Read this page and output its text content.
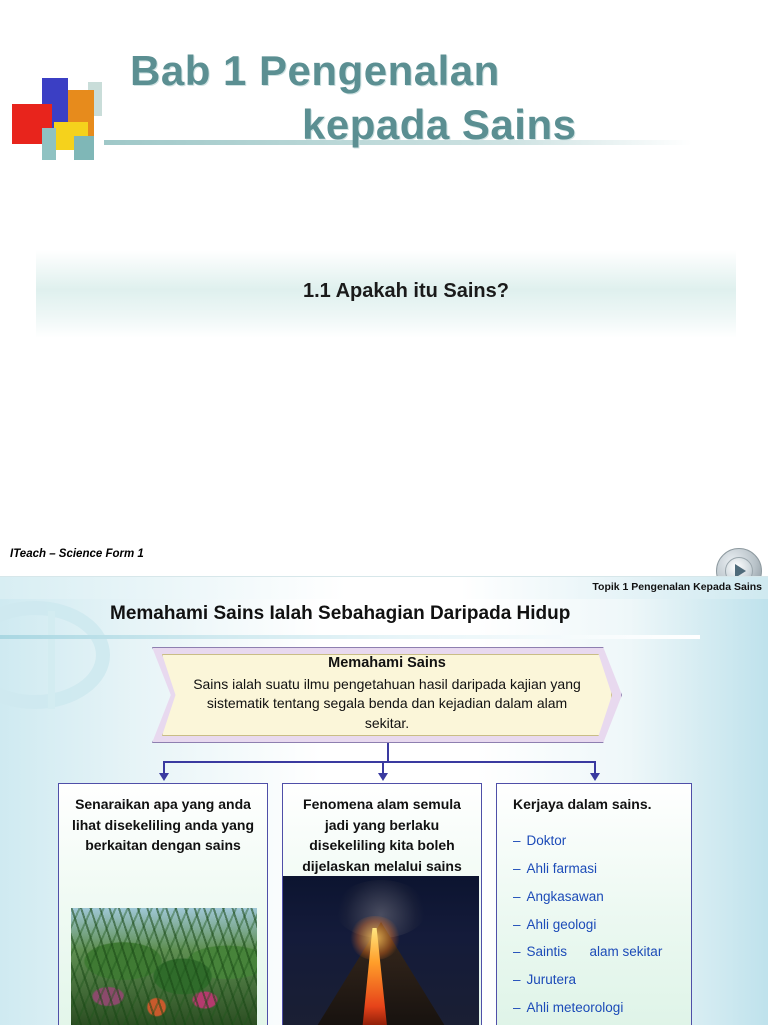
Bab 1 Pengenalan
kepada Sains
1.1 Apakah itu Sains?
ITeach – Science Form 1
Topik 1 Pengenalan Kepada Sains
Memahami Sains Ialah Sebahagian Daripada Hidup
Memahami Sains
Sains ialah suatu ilmu pengetahuan hasil daripada kajian yang sistematik tentang segala benda dan kejadian dalam alam sekitar.
Senaraikan apa yang anda lihat disekeliling anda yang berkaitan dengan sains
Fenomena alam semula jadi yang berlaku disekeliling kita boleh dijelaskan melalui sains
Kerjaya dalam sains.
– Doktor
– Ahli farmasi
– Angkasawan
– Ahli geologi
– Saintis      alam sekitar
– Jurutera
– Ahli meteorologi
